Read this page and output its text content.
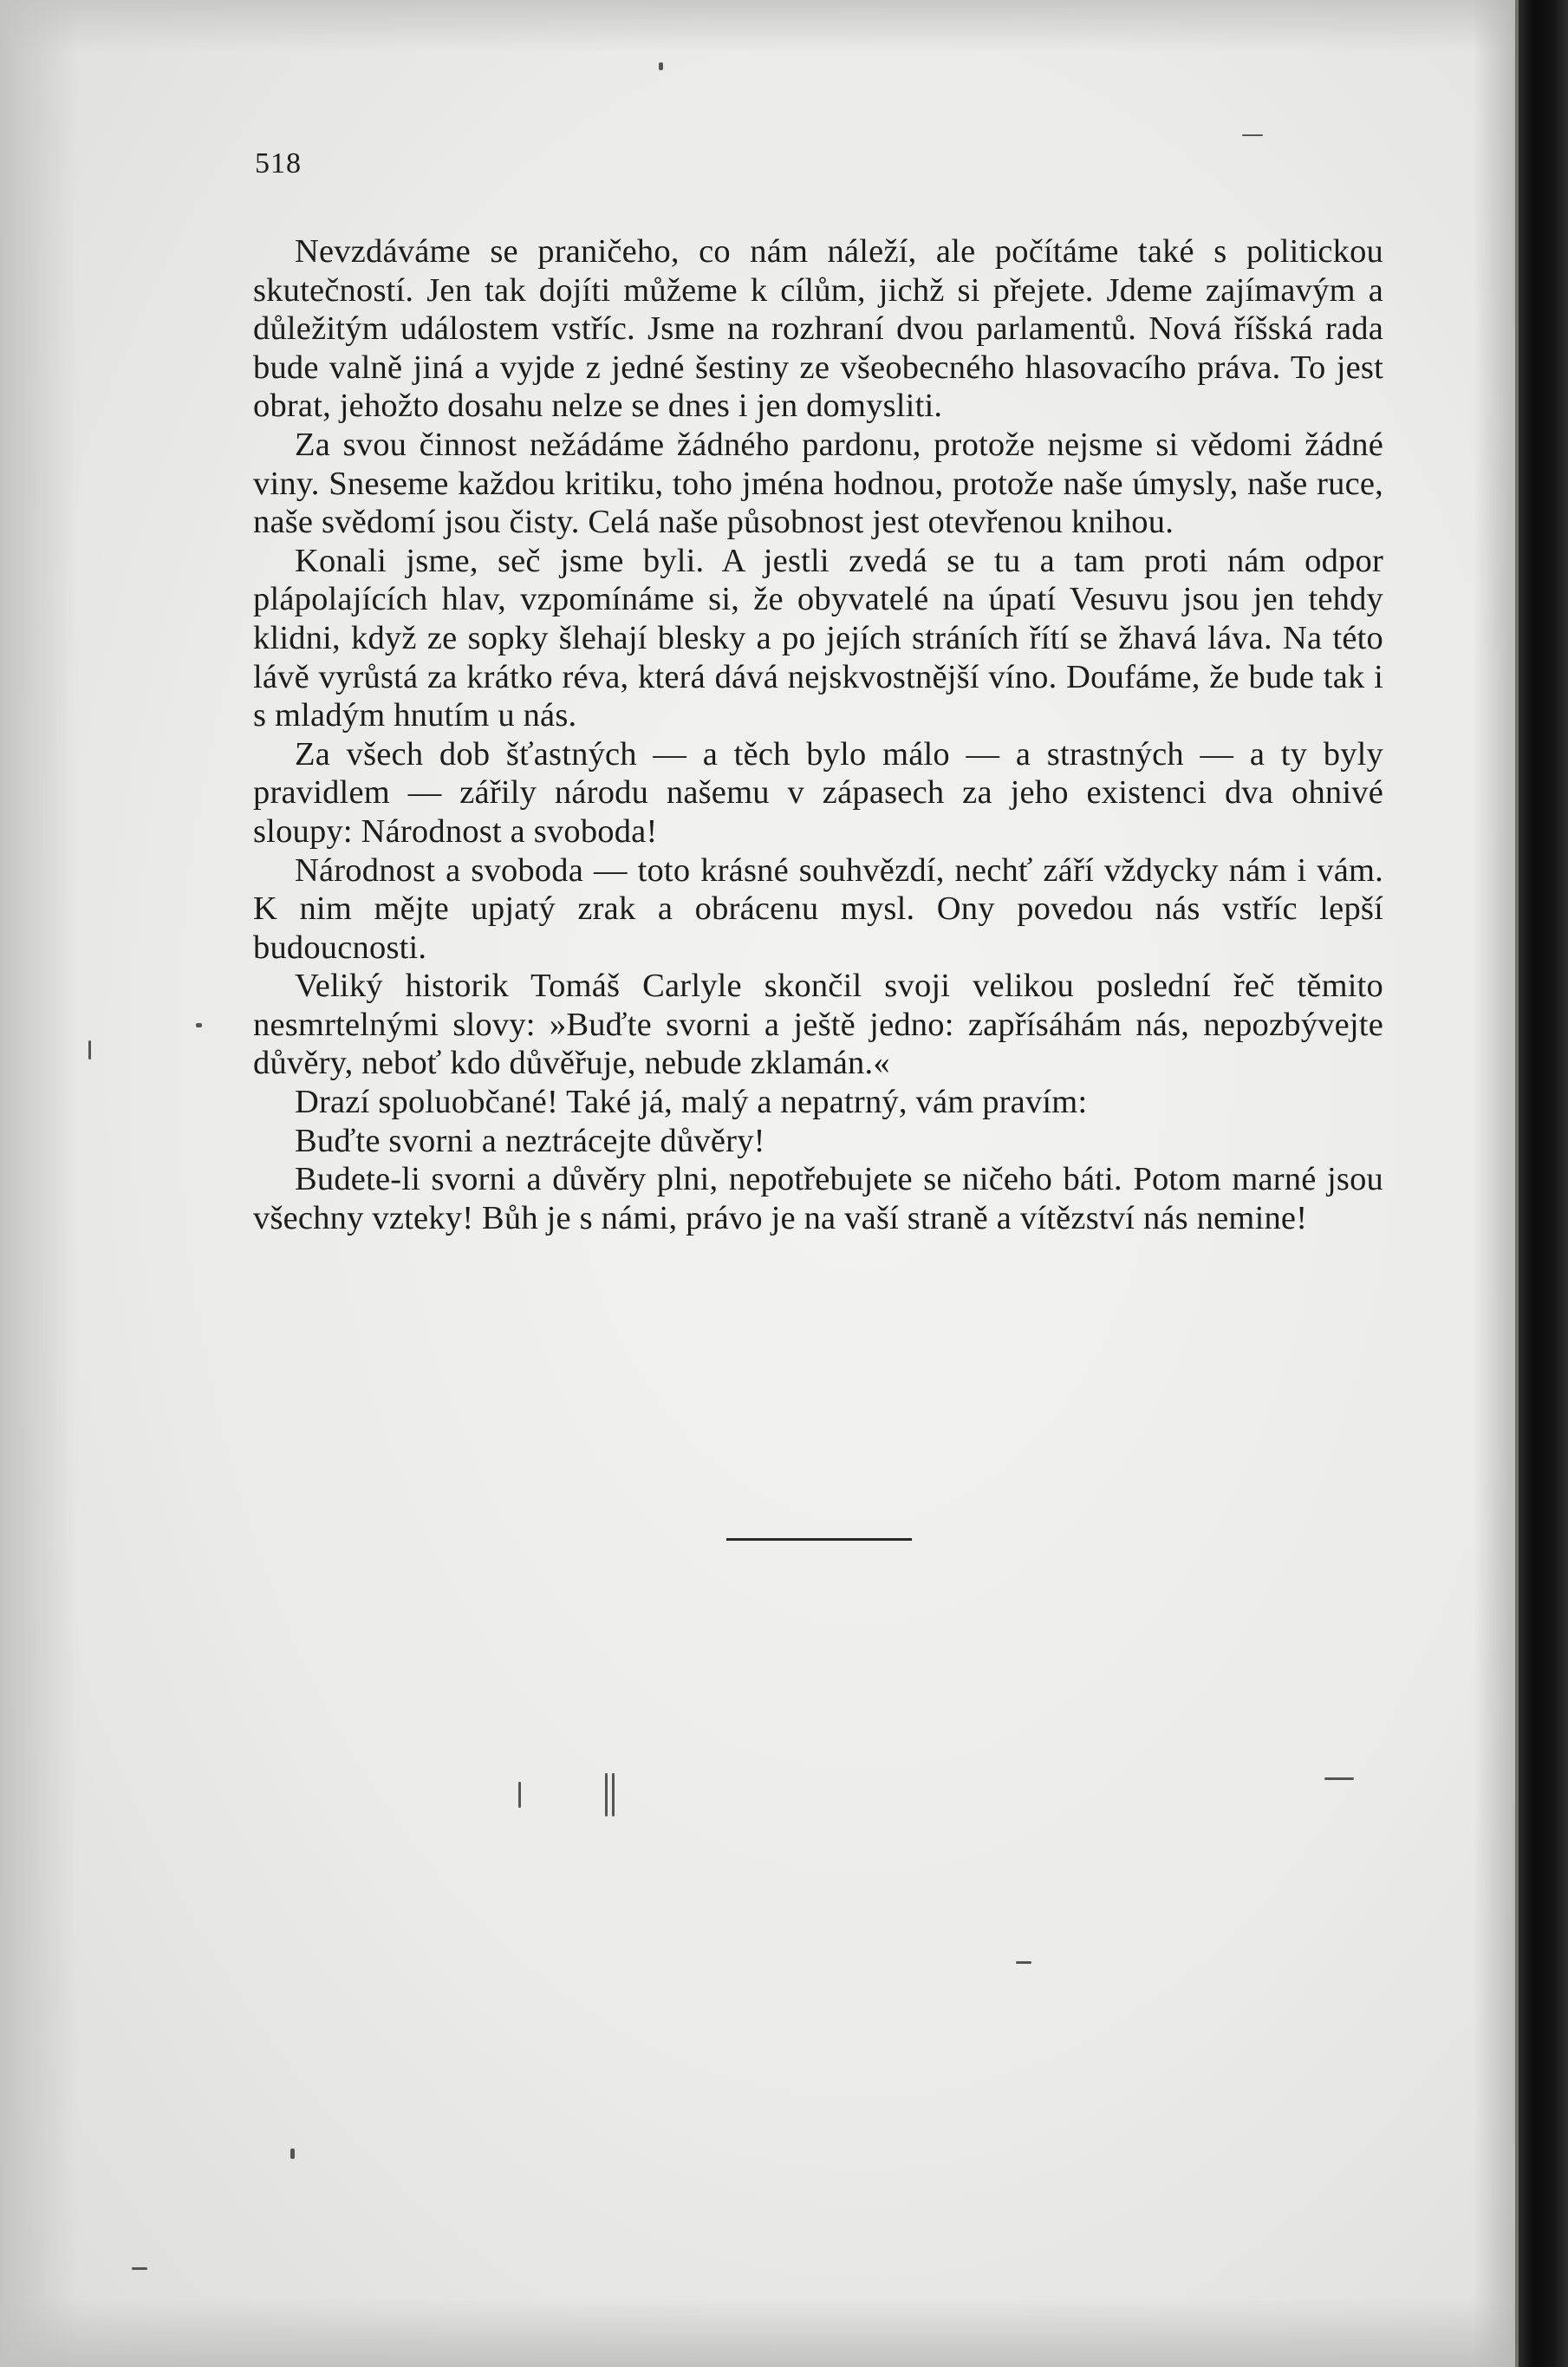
518

Nevzdáváme se praničeho, co nám náleží, ale počítáme také s politickou skutečností. Jen tak dojíti můžeme k cílům, jichž si přejete. Jdeme zajímavým a důležitým událostem vstříc. Jsme na rozhraní dvou parlamentů. Nová říšská rada bude valně jiná a vyjde z jedné šestiny ze všeobecného hlasovacího práva. To jest obrat, jehožto dosahu nelze se dnes i jen domysliti.

Za svou činnost nežádáme žádného pardonu, protože nejsme si vědomi žádné viny. Sneseme každou kritiku, toho jména hodnou, protože naše úmysly, naše ruce, naše svědomí jsou čisty. Celá naše působnost jest otevřenou knihou.

Konali jsme, seč jsme byli. A jestli zvedá se tu a tam proti nám odpor plápolajících hlav, vzpomínáme si, že obyvatelé na úpatí Vesuvu jsou jen tehdy klidni, když ze sopky šlehají blesky a po jejích stráních řítí se žhavá láva. Na této lávě vyrůstá za krátko réva, která dává nejskvostnější víno. Doufáme, že bude tak i s mladým hnutím u nás.

Za všech dob šťastných — a těch bylo málo — a strastných — a ty byly pravidlem — zářily národu našemu v zápasech za jeho existenci dva ohnivé sloupy: Národnost a svoboda!

Národnost a svoboda — toto krásné souhvězdí, nechť září vždycky nám i vám. K nim mějte upjatý zrak a obrácenu mysl. Ony povedou nás vstříc lepší budoucnosti.

Veliký historik Tomáš Carlyle skončil svoji velikou poslední řeč těmito nesmrtelnými slovy: »Buďte svorni a ještě jedno: zapřísáhám nás, nepozbývejte důvěry, neboť kdo důvěřuje, nebude zklamán.«

Drazí spoluobčané! Také já, malý a nepatrný, vám pravím:

Buďte svorni a neztrácejte důvěry!

Budete-li svorni a důvěry plni, nepotřebujete se ničeho báti. Potom marné jsou všechny vzteky! Bůh je s námi, právo je na vaší straně a vítězství nás nemine!
